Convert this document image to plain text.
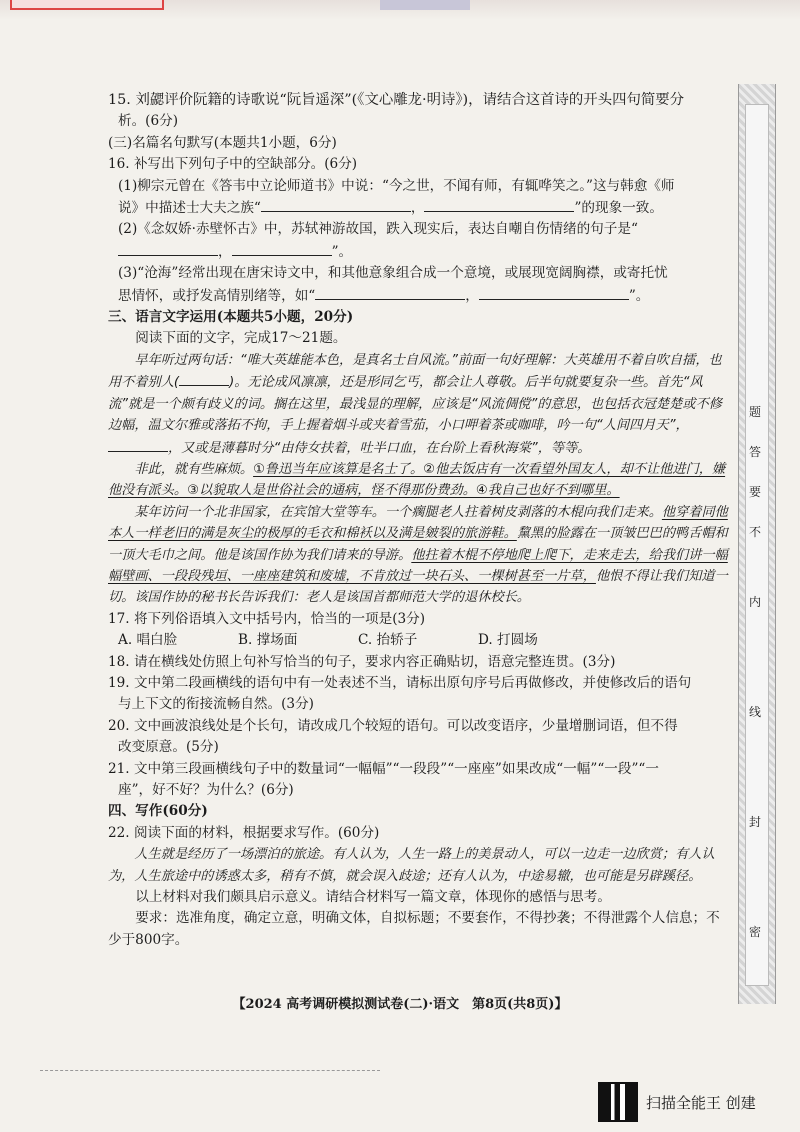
15. 刘勰评价阮籍的诗歌说“阮旨遥深”(《文心雕龙·明诗》)，请结合这首诗的开头四句简要分

析。(6分)

(三)名篇名句默写(本题共1小题，6分)

16. 补写出下列句子中的空缺部分。(6分)

(1)柳宗元曾在《答韦中立论师道书》中说：“今之世，不闻有师，有辄哗笑之。”这与韩愈《师

说》中描述士大夫之族“	，	”的现象一致。

(2)《念奴娇·赤壁怀古》中，苏轼神游故国，跌入现实后，表达自嘲自伤情绪的句子是“，	”。

(3)“沧海”经常出现在唐宋诗文中，和其他意象组合成一个意境，或展现宽阔胸襟，或寄托忧

思情怀，或抒发高情别绪等，如“	，	”。

三、语言文字运用(本题共5小题，20分)

阅读下面的文字，完成17～21题。

早年听过两句话：“唯大英雄能本色，是真名士自风流。”前面一句好理解：大英雄用不着自吹自擂，也用不着别人(	)。无论成风凛凛，还是形同乞丐，都会让人尊敬。后半句就要复杂一些。首先“风流”就是一个颇有歧义的词。搁在这里，最浅显的理解，应该是“风流倜傥”的意思，也包括衣冠楚楚或不修边幅，温文尔雅或落拓不拘，手上握着烟斗或夹着雪茄，小口呷着茶或咖啡，吟一句“人间四月天”，，又或是薄暮时分“由侍女扶着，吐半口血，在台阶上看秋海棠”，等等。

非此，就有些麻烦。①鲁迅当年应该算是名士了。②他去饭店有一次看望外国友人，却不让他进门，嫌他没有派头。③以貌取人是世俗社会的通病，怪不得那份费劲。④我自己也好不到哪里。

某年访问一个北非国家，在宾馆大堂等车。一个瘸腿老人拄着树皮剥落的木棍向我们走来。他穿着同他本人一样老旧的满是灰尘的极厚的毛衣和棉袄以及满是皴裂的旅游鞋。黧黑的脸露在一顶皱巴巴的鸭舌帽和一顶大毛巾之间。他是该国作协为我们请来的导游。他拄着木棍不停地爬上爬下，走来走去，给我们讲一幅幅壁画、一段段残垣、一座座建筑和废墟，不肯放过一块石头、一棵树甚至一片草，他恨不得让我们知道一切。该国作协的秘书长告诉我们：老人是该国首都师范大学的退休校长。

17. 将下列俗语填入文中括号内，恰当的一项是(3分)

A. 唱白脸	B. 撑场面	C. 抬轿子	D. 打圆场

18. 请在横线处仿照上句补写恰当的句子，要求内容正确贴切，语意完整连贯。(3分)

19. 文中第二段画横线的语句中有一处表述不当，请标出原句序号后再做修改，并使修改后的语句

与上下文的衔接流畅自然。(3分)

20. 文中画波浪线处是个长句，请改成几个较短的语句。可以改变语序，少量增删词语，但不得

改变原意。(5分)

21. 文中第三段画横线句子中的数量词“一幅幅”“一段段”“一座座”如果改成“一幅”“一段”“一

座”，好不好？为什么？(6分)

四、写作(60分)

22. 阅读下面的材料，根据要求写作。(60分)

人生就是经历了一场漂泊的旅途。有人认为，人生一路上的美景动人，可以一边走一边欣赏；有人认为，人生旅途中的诱惑太多，稍有不慎，就会误入歧途；还有人认为，中途易辙，也可能是另辟蹊径。

以上材料对我们颇具启示意义。请结合材料写一篇文章，体现你的感悟与思考。

要求：选准角度，确定立意，明确文体，自拟标题；不要套作，不得抄袭；不得泄露个人信息；不少于800字。	密
封
线
内
不
要
答
题
【2024 高考调研模拟测试卷(二)·语文　第8页(共8页)】
扫描全能王 创建
